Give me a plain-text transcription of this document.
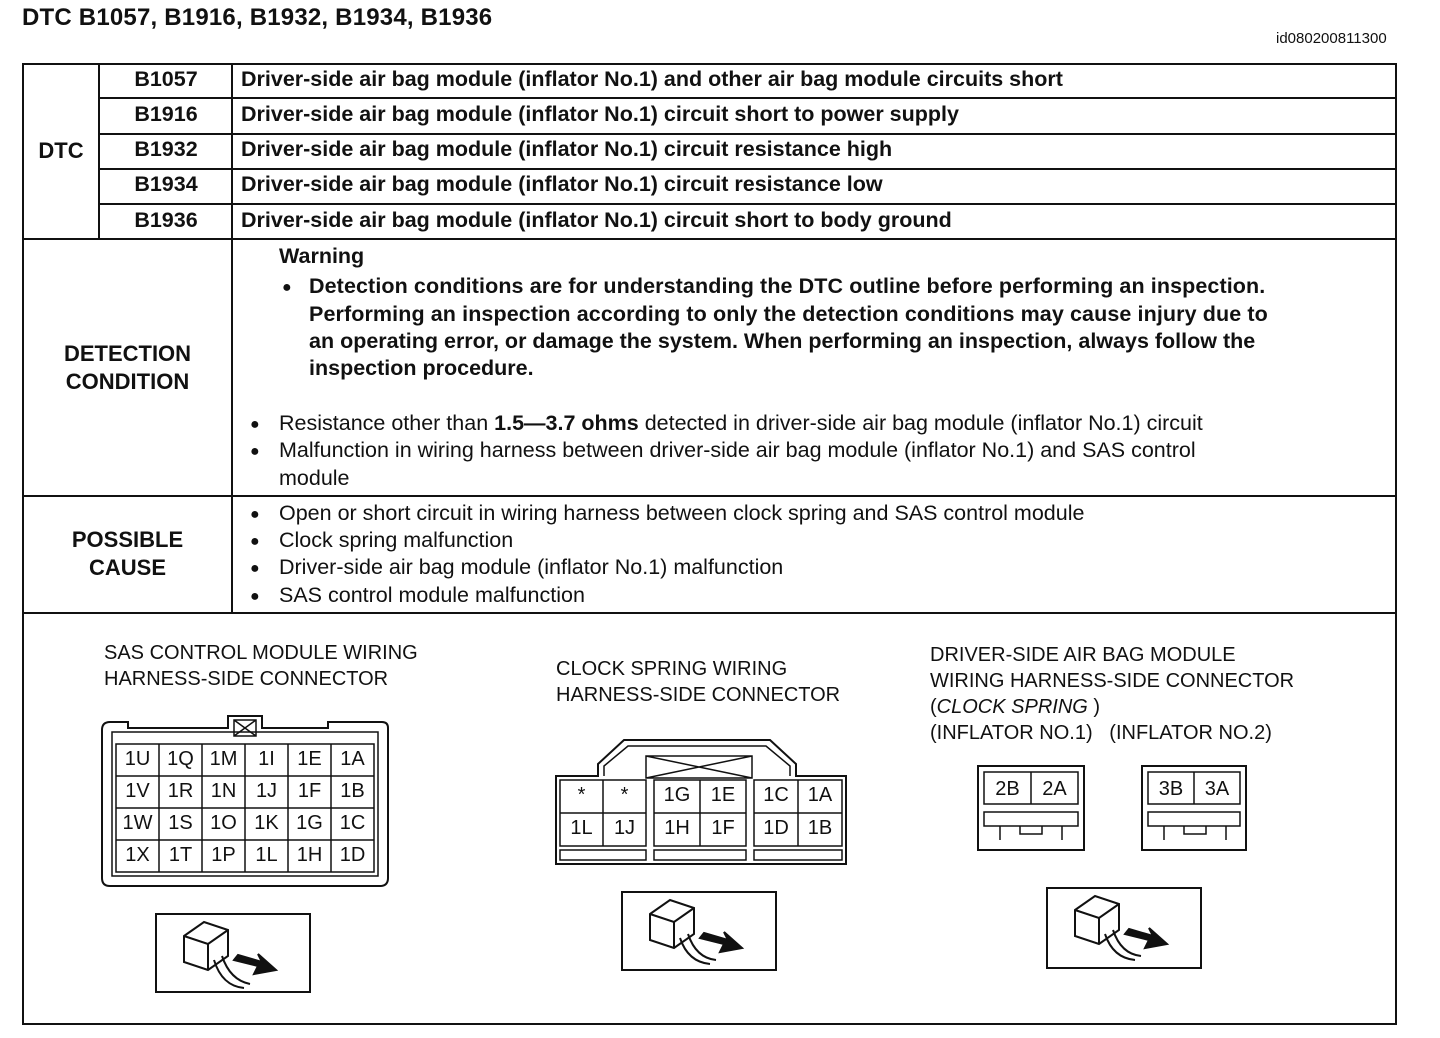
DTC B1057, B1916, B1932, B1934, B1936
id080200811300
DTC
B1057	Driver-side air bag module (inflator No.1) and other air bag module circuits short
B1916	Driver-side air bag module (inflator No.1) circuit short to power supply
B1932	Driver-side air bag module (inflator No.1) circuit resistance high
B1934	Driver-side air bag module (inflator No.1) circuit resistance low
B1936	Driver-side air bag module (inflator No.1) circuit short to body ground
DETECTION
CONDITION
Warning
● Detection conditions are for understanding the DTC outline before performing an inspection.
Performing an inspection according to only the detection conditions may cause injury due to
an operating error, or damage the system. When performing an inspection, always follow the
inspection procedure.
● Resistance other than 1.5—3.7 ohms detected in driver-side air bag module (inflator No.1) circuit
● Malfunction in wiring harness between driver-side air bag module (inflator No.1) and SAS control
module
POSSIBLE
CAUSE
● Open or short circuit in wiring harness between clock spring and SAS control module
● Clock spring malfunction
● Driver-side air bag module (inflator No.1) malfunction
● SAS control module malfunction
SAS CONTROL MODULE WIRING
HARNESS-SIDE CONNECTOR	CLOCK SPRING WIRING
HARNESS-SIDE CONNECTOR
DRIVER-SIDE AIR BAG MODULE
WIRING HARNESS-SIDE CONNECTOR
(CLOCK SPRING )
(INFLATOR NO.1) (INFLATOR NO.2)
1U 1Q 1M	1I	1E 1A
1V 1R 1N 1J	1F 1B
1W 1S 1O 1K 1G 1C
1X 1T 1P 1L 1H 1D
*	*	1G	1E	1C 1A
1L	1J	1H	1F	1D 1B
2B	2A	3B	3A
